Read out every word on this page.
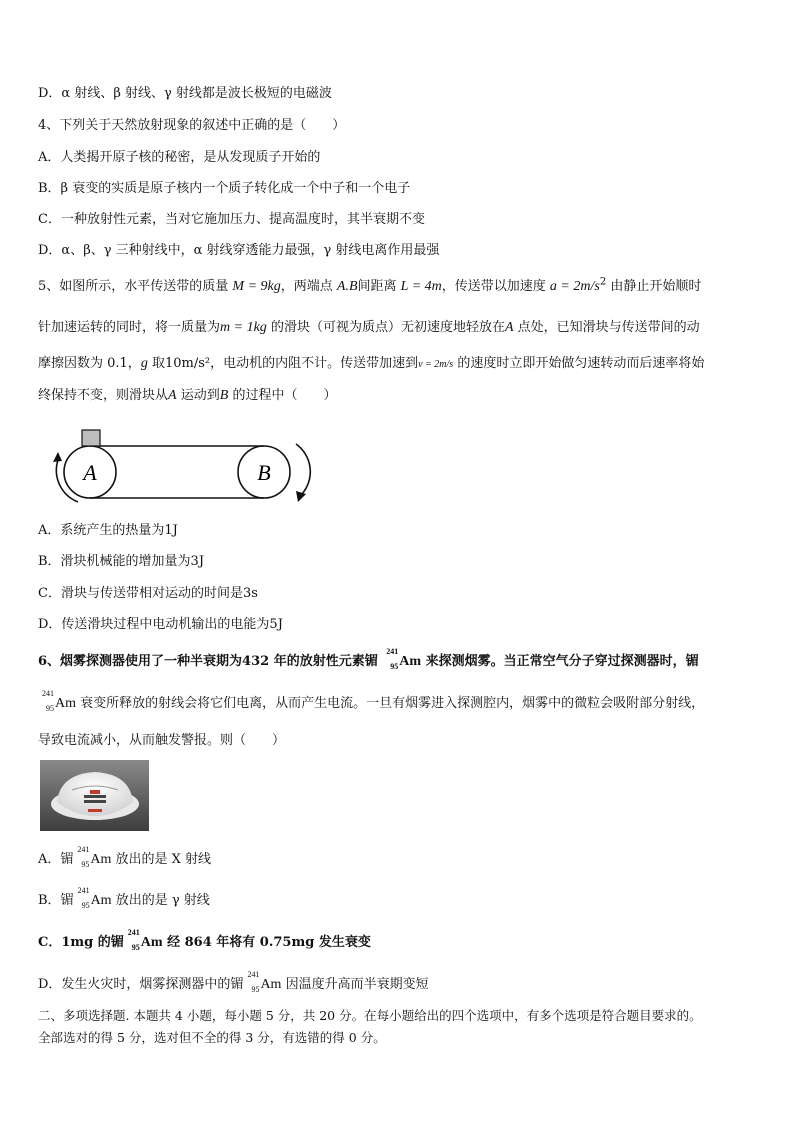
D．α 射线、β 射线、γ 射线都是波长极短的电磁波
4、下列关于天然放射现象的叙述中正确的是（　　）
A．人类揭开原子核的秘密，是从发现质子开始的
B．β 衰变的实质是原子核内一个质子转化成一个中子和一个电子
C．一种放射性元素，当对它施加压力、提高温度时，其半衰期不变
D．α、β、γ 三种射线中，α 射线穿透能力最强，γ 射线电离作用最强
5、如图所示，水平传送带的质量 M = 9kg，两端点 A.B间距离 L = 4m，传送带以加速度 $a = 2m/s^2$ 由静止开始顺时
针加速运转的同时，将一质量为m = 1kg 的滑块（可视为质点）无初速度地轻放在A 点处，已知滑块与传送带间的动
摩擦因数为 0.1，g 取10m/s²，电动机的内阻不计。传送带加速到v = 2m/s 的速度时立即开始做匀速转动而后速率将始
终保持不变，则滑块从A 运动到B 的过程中（　　）
A	B
A．系统产生的热量为1J
B．滑块机械能的增加量为3J
C．滑块与传送带相对运动的时间是3s
D．传送滑块过程中电动机输出的电能为5J
6、烟雾探测器使用了一种半衰期为432 年的放射性元素镅
241
95 Am 来探测烟雾。当正常空气分子穿过探测器时，镅
241
95 Am 衰变所释放的射线会将它们电离，从而产生电流。一旦有烟雾进入探测腔内，烟雾中的微粒会吸附部分射线，
导致电流减小，从而触发警报。则（　　）
A．镅
241
95 Am 放出的是 X 射线
B．镅
241
95 Am 放出的是 γ 射线
C．1mg 的镅
241
95 Am 经 864 年将有 0.75mg 发生衰变
D．发生火灾时，烟雾探测器中的镅
241
95 Am 因温度升高而半衰期变短
二、多项选择题. 本题共 4 小题，每小题 5 分，共 20 分。在每小题给出的四个选项中，有多个选项是符合题目要求的。
全部选对的得 5 分，选对但不全的得 3 分，有选错的得 0 分。
